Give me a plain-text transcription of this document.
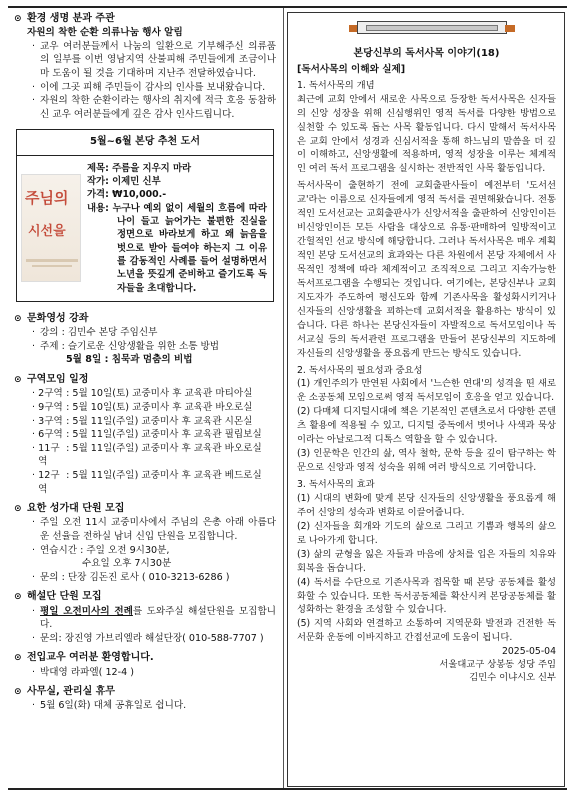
⊙ 환경 생명 분과 주관
자원의 착한 순환 의류나눔 행사 알림
· 교우 여러분들께서 나눔의 일환으로 기부해주신 의류품의 일부를 이번 영남지역 산불피해 주민들에게 조금이나마 도움이 될 것을 기대하며 지난주 전달하였습니다.
· 이에 그곳 피해 주민들이 감사의 인사를 보내왔습니다.
· 자원의 착한 순환이라는 행사의 취지에 적극 호응 동참하신 교우 여러분들에게 깊은 감사 인사드립니다.
5월~6월 본당 추천 도서
주님의
시선을
제목: 주름을 지우지 마라
작가: 이제민 신부
가격: ₩10,000.-
내용: 누구나 예외 없이 세월의 흐름에 따라 나이 들고 늙어가는 불편한 진실을 정면으로 바라보게 하고 왜 늙음을 벗으로 받아 들여야 하는지 그 이유를 감동적인 사례를 들어 설명하면서 노년을 뜻깊게 준비하고 즐기도록 독자들을 초대합니다.
⊙ 문화영성 강좌
· 강의 : 김민수 본당 주임신부
· 주제 : 슬기로운 신앙생활을 위한 소통 방법
5월 8일 : 침묵과 멈춤의 비법
⊙ 구역모임 일정
· 2구역 : 5월 10일(토) 교중미사 후 교육관 마티아실
· 9구역 : 5월 10일(토) 교중미사 후 교육관 바오로실
· 3구역 : 5월 11일(주일) 교중미사 후 교육관 시몬실
· 6구역 : 5월 11일(주일) 교중미사 후 교육관 필립보실
· 11구역
: 5월 11일(주일) 교중미사 후 교육관 바오로실
· 12구역
: 5월 11일(주일) 교중미사 후 교육관 베드로실
⊙ 요한 성가대 단원 모집
· 주일 오전 11시 교중미사에서 주님의 은총 아래 아름다운 선율을 전하실 남녀 신입 단원을 모집합니다.
· 연습시간 : 주일 오전 9시30분,
수요일 오후 7시30분
· 문의 : 단장 김돈진 로사 ( 010-3213-6286 )
⊙ 해설단 단원 모집
· 평일 오전미사의 전례를 도와주실 해설단원을 모집합니다.
· 문의: 장진영 가브리엘라 해설단장( 010-588-7707 )
⊙ 전입교우 여러분 환영합니다.
· 박대영 라파엘( 12-4 )
⊙ 사무실, 관리실 휴무
· 5월 6일(화) 대체 공휴일로 쉽니다.
본당신부의 독서사목 이야기(18)
[독서사목의 이해와 실제]
1. 독서사목의 개념
최근에 교회 안에서 새로운 사목으로 등장한 독서사목은 신자들의 신앙 성장을 위해 신심행위인 영적 독서를 다양한 방법으로 실천할 수 있도록 돕는 사목 활동입니다. 다시 말해서 독서사목은 교회 안에서 성경과 신심서적을 통해 하느님의 말씀을 더 깊이 이해하고, 신앙생활에 적용하며, 영적 성장을 이루는 체계적인 여러 독서 프로그램을 실시하는 전반적인 사목 활동입니다.
독서사목이 출현하기 전에 교회출판사들이 예전부터 '도서선교'라는 이름으로 신자들에게 영적 독서를 권면해왔습니다. 전통적인 도서선교는 교회출판사가 신앙서적을 출판하여 신앙인이든 비신앙인이든 모든 사람을 대상으로 유통·판매하여 일방적이고 간헐적인 선교 방식에 해당합니다. 그러나 독서사목은 매우 계획적인 본당 도서선교의 효과와는 다른 차원에서 본당 자체에서 사목적인 정책에 따라 체계적이고 조직적으로 그리고 지속가능한 독서프로그램을 수행되는 것입니다. 여기에는, 본당신부나 교회지도자가 주도하여 평신도와 함께 기존사목을 활성화시키거나 신자들의 신앙생활을 꾀하는데 교회서적을 활용하는 방식이 있습니다. 다른 하나는 본당신자들이 자발적으로 독서모임이나 독서교실 등의 독서관련 프로그램을 만들어 본당신부의 지도하에 자신들의 신앙생활을 풍요롭게 만드는 방식도 있습니다.
2. 독서사목의 필요성과 중요성
(1) 개인주의가 만연된 사회에서 '느슨한 연대'의 성격을 띤 새로운 소공동체 모임으로써 영적 독서모임이 호응을 얻고 있습니다.
(2) 다매체 디지털시대에 책은 기본적인 콘텐츠로서 다양한 콘텐츠 활용에 적용될 수 있고, 디지털 중독에서 벗어나 사색과 묵상이라는 아날로그적 디톡스 역할을 할 수 있습니다.
(3) 인문학은 인간의 삶, 역사 철학, 문학 등을 깊이 탐구하는 학문으로 신앙과 영적 성숙을 위해 여러 방식으로 기여합니다.
3. 독서사목의 효과
(1) 시대의 변화에 맞게 본당 신자들의 신앙생활을 풍요롭게 해주어 신앙의 성숙과 변화로 이끌어줍니다.
(2) 신자들을 회개와 기도의 삶으로 그리고 기쁨과 행복의 삶으로 나아가게 합니다.
(3) 삶의 균형을 잃은 자들과 마음에 상처를 입은 자들의 치유와 회복을 돕습니다.
(4) 독서를 수단으로 기존사목과 접목할 때 본당 공동체를 활성화할 수 있습니다. 또한 독서공동체를 확산시켜 본당공동체를 활성화하는 환경을 조성할 수 있습니다.
(5) 지역 사회와 연결하고 소통하여 지역문화 발전과 건전한 독서문화 운동에 이바지하고 간접선교에 도움이 됩니다.
2025-05-04
서울대교구 상봉동 성당 주임
김민수 이냐시오 신부
